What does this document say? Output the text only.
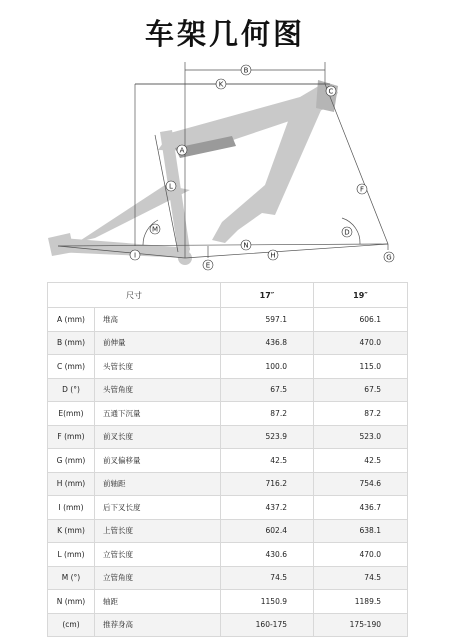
车架几何图
B
K
C
A
L	F
M	D
N
I	H	G
E
尺寸		17″	19″
A (mm)	堆高	597.1	606.1
B (mm)	前伸量	436.8	470.0
C (mm)	头管长度	100.0	115.0
D (°)	头管角度	67.5	67.5
E(mm)	五通下沉量	87.2	87.2
F (mm)	前叉长度	523.9	523.0
G (mm)	前叉偏移量	42.5	42.5
H (mm)	前轴距	716.2	754.6
I (mm)	后下叉长度	437.2	436.7
K (mm)	上管长度	602.4	638.1
L (mm)	立管长度	430.6	470.0
M (°)	立管角度	74.5	74.5
N (mm)	轴距	1150.9	1189.5
(cm)	推荐身高	160-175	175-190
